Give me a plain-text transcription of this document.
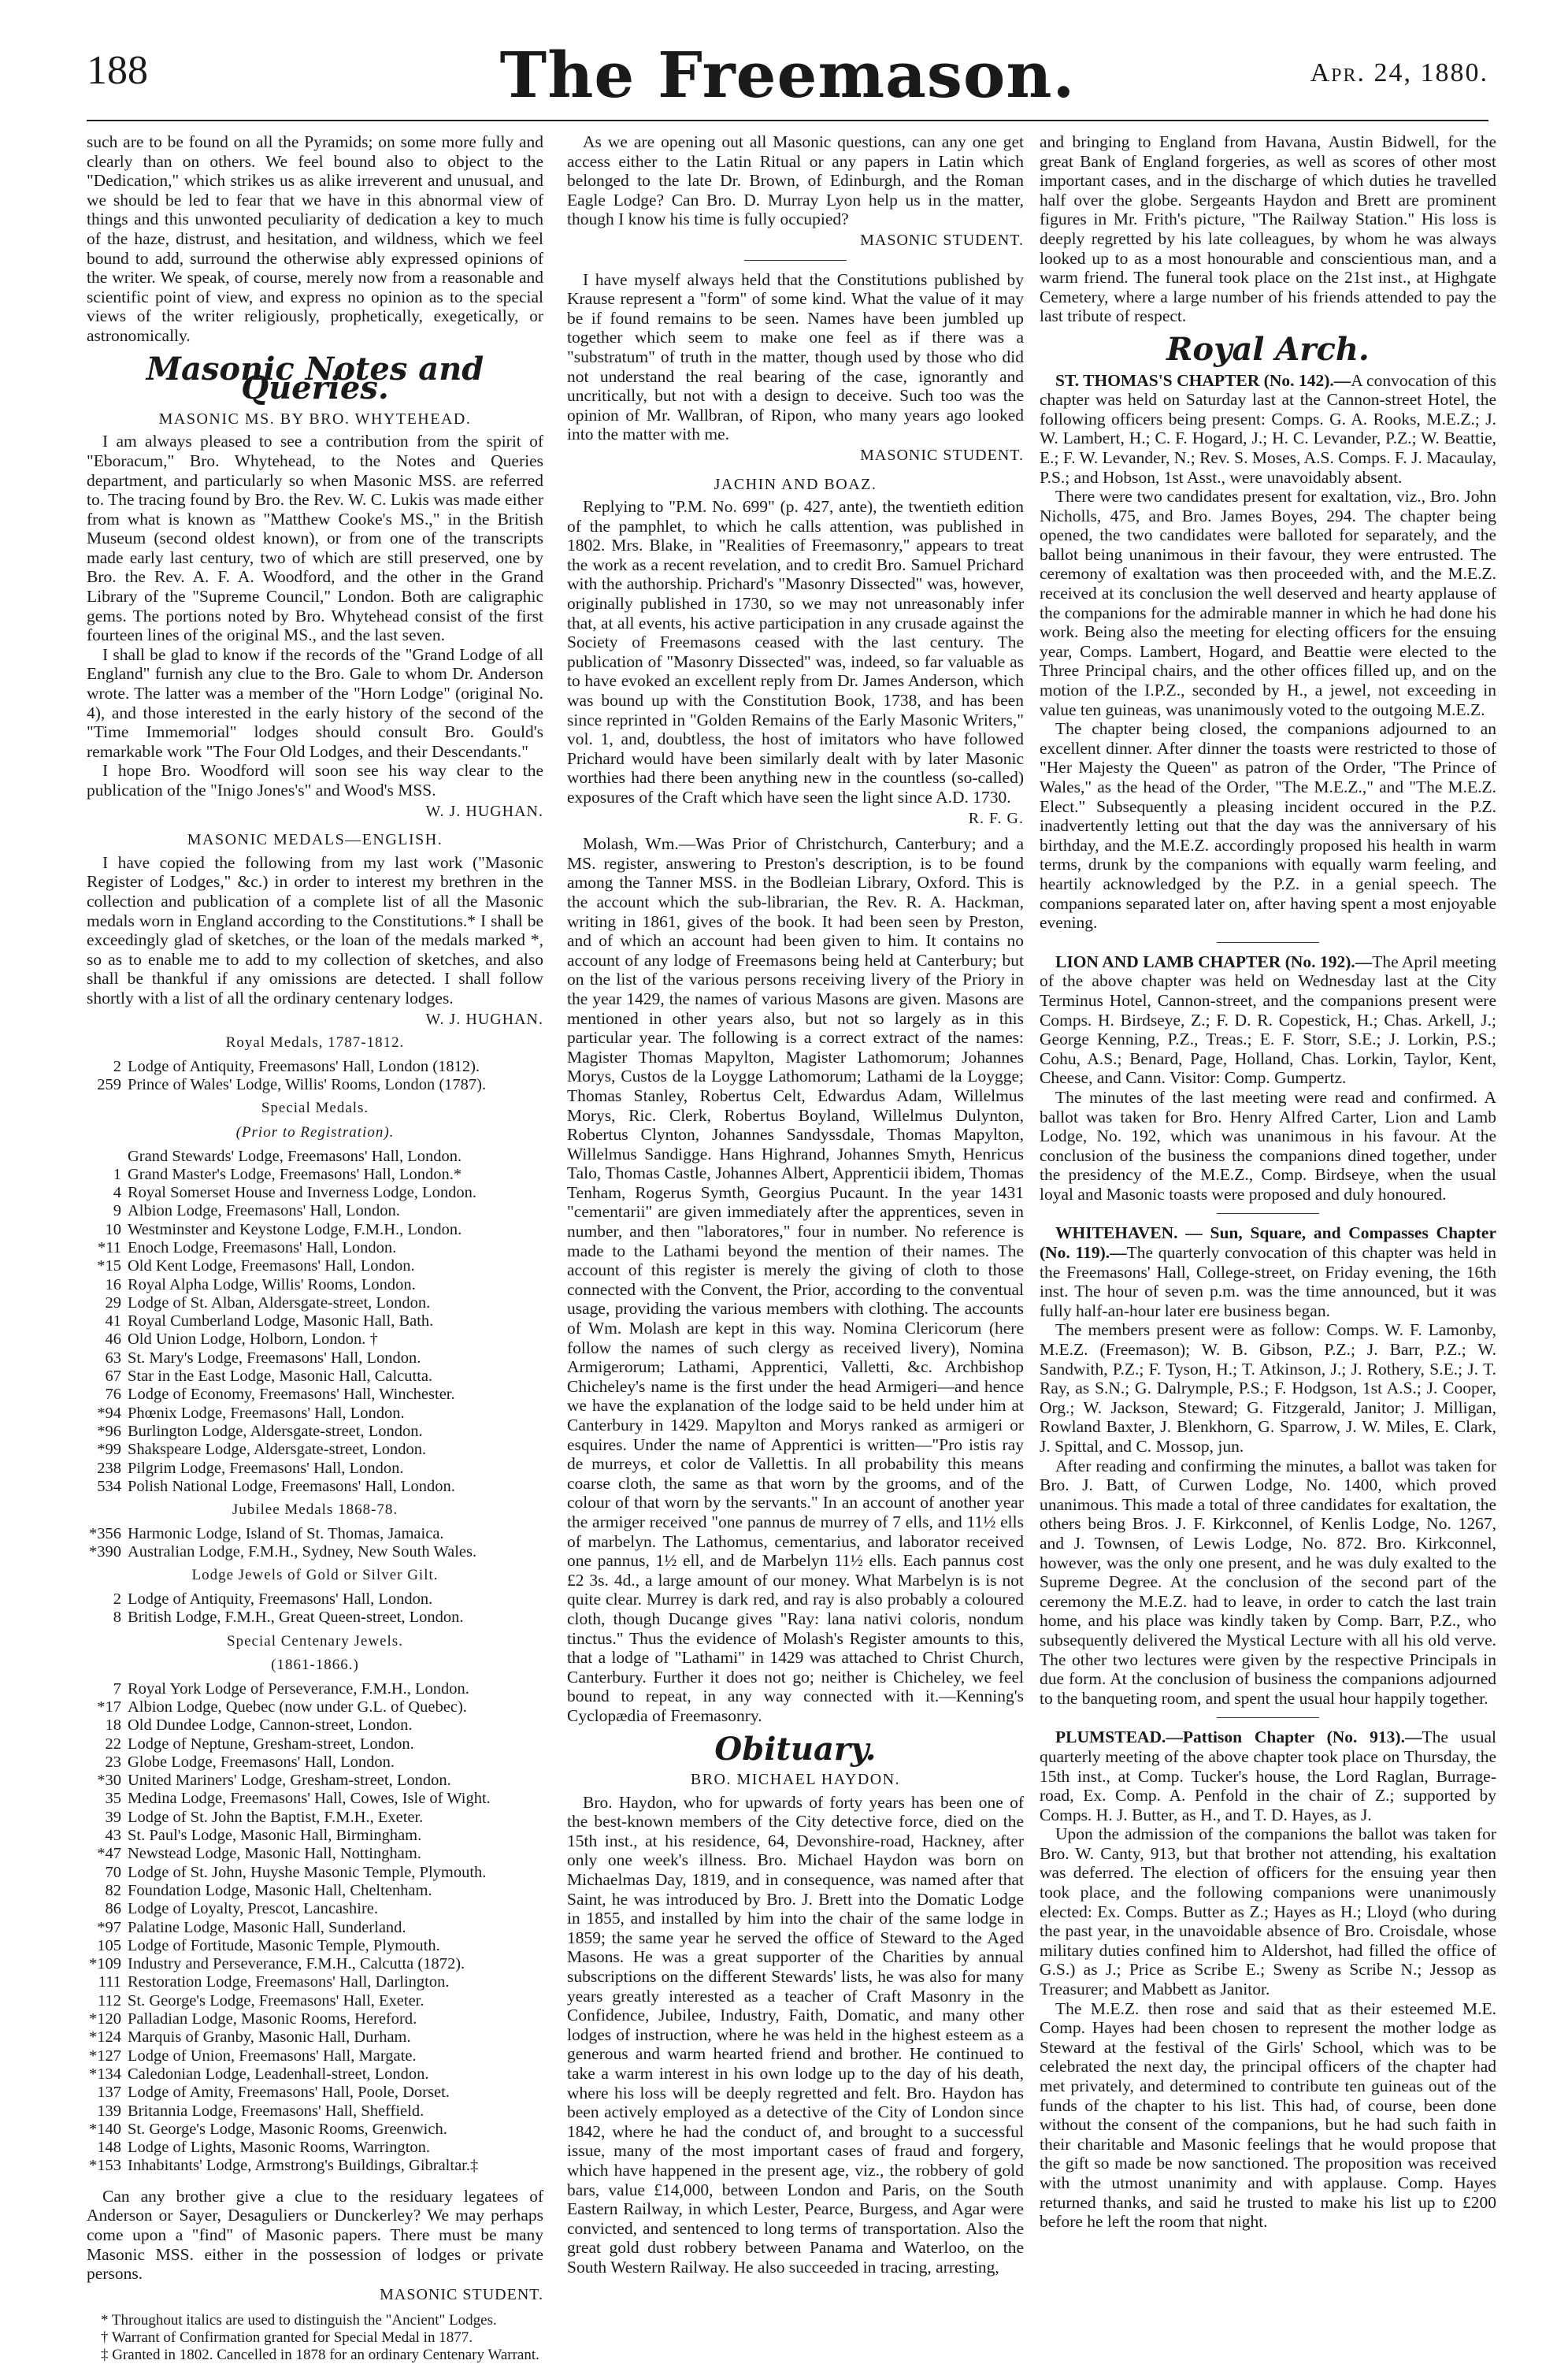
188	The Freemason.	Apr. 24, 1880.

such are to be found on all the Pyramids; on some more fully and clearly than on others. We feel bound also to object to the "Dedication," which strikes us as alike irreverent and unusual, and we should be led to fear that we have in this abnormal view of things and this unwonted peculiarity of dedication a key to much of the haze, distrust, and hesitation, and wildness, which we feel bound to add, surround the otherwise ably expressed opinions of the writer. We speak, of course, merely now from a reasonable and scientific point of view, and express no opinion as to the special views of the writer religiously, prophetically, exegetically, or astronomically.

Masonic Notes and Queries.
MASONIC MS. BY BRO. WHYTEHEAD.

I am always pleased to see a contribution from the spirit of "Eboracum," Bro. Whytehead, to the Notes and Queries department, and particularly so when Masonic MSS. are referred to. The tracing found by Bro. the Rev. W. C. Lukis was made either from what is known as "Matthew Cooke's MS.," in the British Museum (second oldest known), or from one of the transcripts made early last century, two of which are still preserved, one by Bro. the Rev. A. F. A. Woodford, and the other in the Grand Library of the "Supreme Council," London. Both are caligraphic gems. The portions noted by Bro. Whytehead consist of the first fourteen lines of the original MS., and the last seven.

I shall be glad to know if the records of the "Grand Lodge of all England" furnish any clue to the Bro. Gale to whom Dr. Anderson wrote. The latter was a member of the "Horn Lodge" (original No. 4), and those interested in the early history of the second of the "Time Immemorial" lodges should consult Bro. Gould's remarkable work "The Four Old Lodges, and their Descendants."

I hope Bro. Woodford will soon see his way clear to the publication of the "Inigo Jones's" and Wood's MSS.

W. J. HUGHAN.
MASONIC MEDALS—ENGLISH.

I have copied the following from my last work ("Masonic Register of Lodges," &c.) in order to interest my brethren in the collection and publication of a complete list of all the Masonic medals worn in England according to the Constitutions.* I shall be exceedingly glad of sketches, or the loan of the medals marked *, so as to enable me to add to my collection of sketches, and also shall be thankful if any omissions are detected. I shall follow shortly with a list of all the ordinary centenary lodges.

W. J. HUGHAN.
Royal Medals, 1787-1812.
2 Lodge of Antiquity, Freemasons' Hall, London (1812).
259 Prince of Wales' Lodge, Willis' Rooms, London (1787).
Special Medals.
(Prior to Registration).
Grand Stewards' Lodge, Freemasons' Hall, London.
1 Grand Master's Lodge, Freemasons' Hall, London.*
4 Royal Somerset House and Inverness Lodge, London.
9 Albion Lodge, Freemasons' Hall, London.
10 Westminster and Keystone Lodge, F.M.H., London.
*11 Enoch Lodge, Freemasons' Hall, London.
*15 Old Kent Lodge, Freemasons' Hall, London.
16 Royal Alpha Lodge, Willis' Rooms, London.
29 Lodge of St. Alban, Aldersgate-street, London.
41 Royal Cumberland Lodge, Masonic Hall, Bath.
46 Old Union Lodge, Holborn, London. †
63 St. Mary's Lodge, Freemasons' Hall, London.
67 Star in the East Lodge, Masonic Hall, Calcutta.
76 Lodge of Economy, Freemasons' Hall, Winchester.
*94 Phœnix Lodge, Freemasons' Hall, London.
*96 Burlington Lodge, Aldersgate-street, London.
*99 Shakspeare Lodge, Aldersgate-street, London.
238 Pilgrim Lodge, Freemasons' Hall, London.
534 Polish National Lodge, Freemasons' Hall, London.
Jubilee Medals 1868-78.
*356 Harmonic Lodge, Island of St. Thomas, Jamaica.
*390 Australian Lodge, F.M.H., Sydney, New South Wales.
Lodge Jewels of Gold or Silver Gilt.
2 Lodge of Antiquity, Freemasons' Hall, London.
8 British Lodge, F.M.H., Great Queen-street, London.
Special Centenary Jewels.
(1861-1866.)
7 Royal York Lodge of Perseverance, F.M.H., London.
*17 Albion Lodge, Quebec (now under G.L. of Quebec).
18 Old Dundee Lodge, Cannon-street, London.
22 Lodge of Neptune, Gresham-street, London.
23 Globe Lodge, Freemasons' Hall, London.
*30 United Mariners' Lodge, Gresham-street, London.
35 Medina Lodge, Freemasons' Hall, Cowes, Isle of Wight.
39 Lodge of St. John the Baptist, F.M.H., Exeter.
43 St. Paul's Lodge, Masonic Hall, Birmingham.
*47 Newstead Lodge, Masonic Hall, Nottingham.
70 Lodge of St. John, Huyshe Masonic Temple, Plymouth.
82 Foundation Lodge, Masonic Hall, Cheltenham.
86 Lodge of Loyalty, Prescot, Lancashire.
*97 Palatine Lodge, Masonic Hall, Sunderland.
105 Lodge of Fortitude, Masonic Temple, Plymouth.
*109 Industry and Perseverance, F.M.H., Calcutta (1872).
111 Restoration Lodge, Freemasons' Hall, Darlington.
112 St. George's Lodge, Freemasons' Hall, Exeter.
*120 Palladian Lodge, Masonic Rooms, Hereford.
*124 Marquis of Granby, Masonic Hall, Durham.
*127 Lodge of Union, Freemasons' Hall, Margate.
*134 Caledonian Lodge, Leadenhall-street, London.
137 Lodge of Amity, Freemasons' Hall, Poole, Dorset.
139 Britannia Lodge, Freemasons' Hall, Sheffield.
*140 St. George's Lodge, Masonic Rooms, Greenwich.
148 Lodge of Lights, Masonic Rooms, Warrington.
*153 Inhabitants' Lodge, Armstrong's Buildings, Gibraltar.‡

Can any brother give a clue to the residuary legatees of Anderson or Sayer, Desaguliers or Dunckerley? We may perhaps come upon a "find" of Masonic papers. There must be many Masonic MSS. either in the possession of lodges or private persons.

MASONIC STUDENT.

* Throughout italics are used to distinguish the "Ancient" Lodges.

† Warrant of Confirmation granted for Special Medal in 1877.

‡ Granted in 1802. Cancelled in 1878 for an ordinary Centenary Warrant.

As we are opening out all Masonic questions, can any one get access either to the Latin Ritual or any papers in Latin which belonged to the late Dr. Brown, of Edinburgh, and the Roman Eagle Lodge? Can Bro. D. Murray Lyon help us in the matter, though I know his time is fully occupied?

MASONIC STUDENT.

I have myself always held that the Constitutions published by Krause represent a "form" of some kind. What the value of it may be if found remains to be seen. Names have been jumbled up together which seem to make one feel as if there was a "substratum" of truth in the matter, though used by those who did not understand the real bearing of the case, ignorantly and uncritically, but not with a design to deceive. Such too was the opinion of Mr. Wallbran, of Ripon, who many years ago looked into the matter with me.

MASONIC STUDENT.
JACHIN AND BOAZ.

Replying to "P.M. No. 699" (p. 427, ante), the twentieth edition of the pamphlet, to which he calls attention, was published in 1802. Mrs. Blake, in "Realities of Freemasonry," appears to treat the work as a recent revelation, and to credit Bro. Samuel Prichard with the authorship. Prichard's "Masonry Dissected" was, however, originally published in 1730, so we may not unreasonably infer that, at all events, his active participation in any crusade against the Society of Freemasons ceased with the last century. The publication of "Masonry Dissected" was, indeed, so far valuable as to have evoked an excellent reply from Dr. James Anderson, which was bound up with the Constitution Book, 1738, and has been since reprinted in "Golden Remains of the Early Masonic Writers," vol. 1, and, doubtless, the host of imitators who have followed Prichard would have been similarly dealt with by later Masonic worthies had there been anything new in the countless (so-called) exposures of the Craft which have seen the light since A.D. 1730.

R. F. G.

Molash, Wm.—Was Prior of Christchurch, Canterbury; and a MS. register, answering to Preston's description, is to be found among the Tanner MSS. in the Bodleian Library, Oxford. This is the account which the sub-librarian, the Rev. R. A. Hackman, writing in 1861, gives of the book. It had been seen by Preston, and of which an account had been given to him. It contains no account of any lodge of Freemasons being held at Canterbury; but on the list of the various persons receiving livery of the Priory in the year 1429, the names of various Masons are given. Masons are mentioned in other years also, but not so largely as in this particular year. The following is a correct extract of the names: Magister Thomas Mapylton, Magister Lathomorum; Johannes Morys, Custos de la Loygge Lathomorum; Lathami de la Loygge; Thomas Stanley, Robertus Celt, Edwardus Adam, Willelmus Morys, Ric. Clerk, Robertus Boyland, Willelmus Dulynton, Robertus Clynton, Johannes Sandyssdale, Thomas Mapylton, Willelmus Sandigge. Hans Highrand, Johannes Smyth, Henricus Talo, Thomas Castle, Johannes Albert, Apprenticii ibidem, Thomas Tenham, Rogerus Symth, Georgius Pucaunt. In the year 1431 "cementarii" are given immediately after the apprentices, seven in number, and then "laboratores," four in number. No reference is made to the Lathami beyond the mention of their names. The account of this register is merely the giving of cloth to those connected with the Convent, the Prior, according to the conventual usage, providing the various members with clothing. The accounts of Wm. Molash are kept in this way. Nomina Clericorum (here follow the names of such clergy as received livery), Nomina Armigerorum; Lathami, Apprentici, Valletti, &c. Archbishop Chicheley's name is the first under the head Armigeri—and hence we have the explanation of the lodge said to be held under him at Canterbury in 1429. Mapylton and Morys ranked as armigeri or esquires. Under the name of Apprentici is written—"Pro istis ray de murreys, et color de Vallettis. In all probability this means coarse cloth, the same as that worn by the grooms, and of the colour of that worn by the servants." In an account of another year the armiger received "one pannus de murrey of 7 ells, and 11½ ells of marbelyn. The Lathomus, cementarius, and laborator received one pannus, 1½ ell, and de Marbelyn 11½ ells. Each pannus cost £2 3s. 4d., a large amount of our money. What Marbelyn is is not quite clear. Murrey is dark red, and ray is also probably a coloured cloth, though Ducange gives "Ray: lana nativi coloris, nondum tinctus." Thus the evidence of Molash's Register amounts to this, that a lodge of "Lathami" in 1429 was attached to Christ Church, Canterbury. Further it does not go; neither is Chicheley, we feel bound to repeat, in any way connected with it.—Kenning's Cyclopædia of Freemasonry.

Obituary.
BRO. MICHAEL HAYDON.

Bro. Haydon, who for upwards of forty years has been one of the best-known members of the City detective force, died on the 15th inst., at his residence, 64, Devonshire-road, Hackney, after only one week's illness. Bro. Michael Haydon was born on Michaelmas Day, 1819, and in consequence, was named after that Saint, he was introduced by Bro. J. Brett into the Domatic Lodge in 1855, and installed by him into the chair of the same lodge in 1859; the same year he served the office of Steward to the Aged Masons. He was a great supporter of the Charities by annual subscriptions on the different Stewards' lists, he was also for many years greatly interested as a teacher of Craft Masonry in the Confidence, Jubilee, Industry, Faith, Domatic, and many other lodges of instruction, where he was held in the highest esteem as a generous and warm hearted friend and brother. He continued to take a warm interest in his own lodge up to the day of his death, where his loss will be deeply regretted and felt. Bro. Haydon has been actively employed as a detective of the City of London since 1842, where he had the conduct of, and brought to a successful issue, many of the most important cases of fraud and forgery, which have happened in the present age, viz., the robbery of gold bars, value £14,000, between London and Paris, on the South Eastern Railway, in which Lester, Pearce, Burgess, and Agar were convicted, and sentenced to long terms of transportation. Also the great gold dust robbery between Panama and Waterloo, on the South Western Railway. He also succeeded in tracing, arresting,

and bringing to England from Havana, Austin Bidwell, for the great Bank of England forgeries, as well as scores of other most important cases, and in the discharge of which duties he travelled half over the globe. Sergeants Haydon and Brett are prominent figures in Mr. Frith's picture, "The Railway Station." His loss is deeply regretted by his late colleagues, by whom he was always looked up to as a most honourable and conscientious man, and a warm friend. The funeral took place on the 21st inst., at Highgate Cemetery, where a large number of his friends attended to pay the last tribute of respect.

Royal Arch.

ST. THOMAS'S CHAPTER (No. 142).—A convocation of this chapter was held on Saturday last at the Cannon-street Hotel, the following officers being present: Comps. G. A. Rooks, M.E.Z.; J. W. Lambert, H.; C. F. Hogard, J.; H. C. Levander, P.Z.; W. Beattie, E.; F. W. Levander, N.; Rev. S. Moses, A.S. Comps. F. J. Macaulay, P.S.; and Hobson, 1st Asst., were unavoidably absent.

There were two candidates present for exaltation, viz., Bro. John Nicholls, 475, and Bro. James Boyes, 294. The chapter being opened, the two candidates were balloted for separately, and the ballot being unanimous in their favour, they were entrusted. The ceremony of exaltation was then proceeded with, and the M.E.Z. received at its conclusion the well deserved and hearty applause of the companions for the admirable manner in which he had done his work. Being also the meeting for electing officers for the ensuing year, Comps. Lambert, Hogard, and Beattie were elected to the Three Principal chairs, and the other offices filled up, and on the motion of the I.P.Z., seconded by H., a jewel, not exceeding in value ten guineas, was unanimously voted to the outgoing M.E.Z.

The chapter being closed, the companions adjourned to an excellent dinner. After dinner the toasts were restricted to those of "Her Majesty the Queen" as patron of the Order, "The Prince of Wales," as the head of the Order, "The M.E.Z.," and "The M.E.Z. Elect." Subsequently a pleasing incident occured in the P.Z. inadvertently letting out that the day was the anniversary of his birthday, and the M.E.Z. accordingly proposed his health in warm terms, drunk by the companions with equally warm feeling, and heartily acknowledged by the P.Z. in a genial speech. The companions separated later on, after having spent a most enjoyable evening.

LION AND LAMB CHAPTER (No. 192).—The April meeting of the above chapter was held on Wednesday last at the City Terminus Hotel, Cannon-street, and the companions present were Comps. H. Birdseye, Z.; F. D. R. Copestick, H.; Chas. Arkell, J.; George Kenning, P.Z., Treas.; E. F. Storr, S.E.; J. Lorkin, P.S.; Cohu, A.S.; Benard, Page, Holland, Chas. Lorkin, Taylor, Kent, Cheese, and Cann. Visitor: Comp. Gumpertz.

The minutes of the last meeting were read and confirmed. A ballot was taken for Bro. Henry Alfred Carter, Lion and Lamb Lodge, No. 192, which was unanimous in his favour. At the conclusion of the business the companions dined together, under the presidency of the M.E.Z., Comp. Birdseye, when the usual loyal and Masonic toasts were proposed and duly honoured.

WHITEHAVEN. — Sun, Square, and Compasses Chapter (No. 119).—The quarterly convocation of this chapter was held in the Freemasons' Hall, College-street, on Friday evening, the 16th inst. The hour of seven p.m. was the time announced, but it was fully half-an-hour later ere business began.

The members present were as follow: Comps. W. F. Lamonby, M.E.Z. (Freemason); W. B. Gibson, P.Z.; J. Barr, P.Z.; W. Sandwith, P.Z.; F. Tyson, H.; T. Atkinson, J.; J. Rothery, S.E.; J. T. Ray, as S.N.; G. Dalrymple, P.S.; F. Hodgson, 1st A.S.; J. Cooper, Org.; W. Jackson, Steward; G. Fitzgerald, Janitor; J. Milligan, Rowland Baxter, J. Blenkhorn, G. Sparrow, J. W. Miles, E. Clark, J. Spittal, and C. Mossop, jun.

After reading and confirming the minutes, a ballot was taken for Bro. J. Batt, of Curwen Lodge, No. 1400, which proved unanimous. This made a total of three candidates for exaltation, the others being Bros. J. F. Kirkconnel, of Kenlis Lodge, No. 1267, and J. Townsen, of Lewis Lodge, No. 872. Bro. Kirkconnel, however, was the only one present, and he was duly exalted to the Supreme Degree. At the conclusion of the second part of the ceremony the M.E.Z. had to leave, in order to catch the last train home, and his place was kindly taken by Comp. Barr, P.Z., who subsequently delivered the Mystical Lecture with all his old verve. The other two lectures were given by the respective Principals in due form. At the conclusion of business the companions adjourned to the banqueting room, and spent the usual hour happily together.

PLUMSTEAD.—Pattison Chapter (No. 913).—The usual quarterly meeting of the above chapter took place on Thursday, the 15th inst., at Comp. Tucker's house, the Lord Raglan, Burrage-road, Ex. Comp. A. Penfold in the chair of Z.; supported by Comps. H. J. Butter, as H., and T. D. Hayes, as J.

Upon the admission of the companions the ballot was taken for Bro. W. Canty, 913, but that brother not attending, his exaltation was deferred. The election of officers for the ensuing year then took place, and the following companions were unanimously elected: Ex. Comps. Butter as Z.; Hayes as H.; Lloyd (who during the past year, in the unavoidable absence of Bro. Croisdale, whose military duties confined him to Aldershot, had filled the office of G.S.) as J.; Price as Scribe E.; Sweny as Scribe N.; Jessop as Treasurer; and Mabbett as Janitor.

The M.E.Z. then rose and said that as their esteemed M.E. Comp. Hayes had been chosen to represent the mother lodge as Steward at the festival of the Girls' School, which was to be celebrated the next day, the principal officers of the chapter had met privately, and determined to contribute ten guineas out of the funds of the chapter to his list. This had, of course, been done without the consent of the companions, but he had such faith in their charitable and Masonic feelings that he would propose that the gift so made be now sanctioned. The proposition was received with the utmost unanimity and with applause. Comp. Hayes returned thanks, and said he trusted to make his list up to £200 before he left the room that night.
